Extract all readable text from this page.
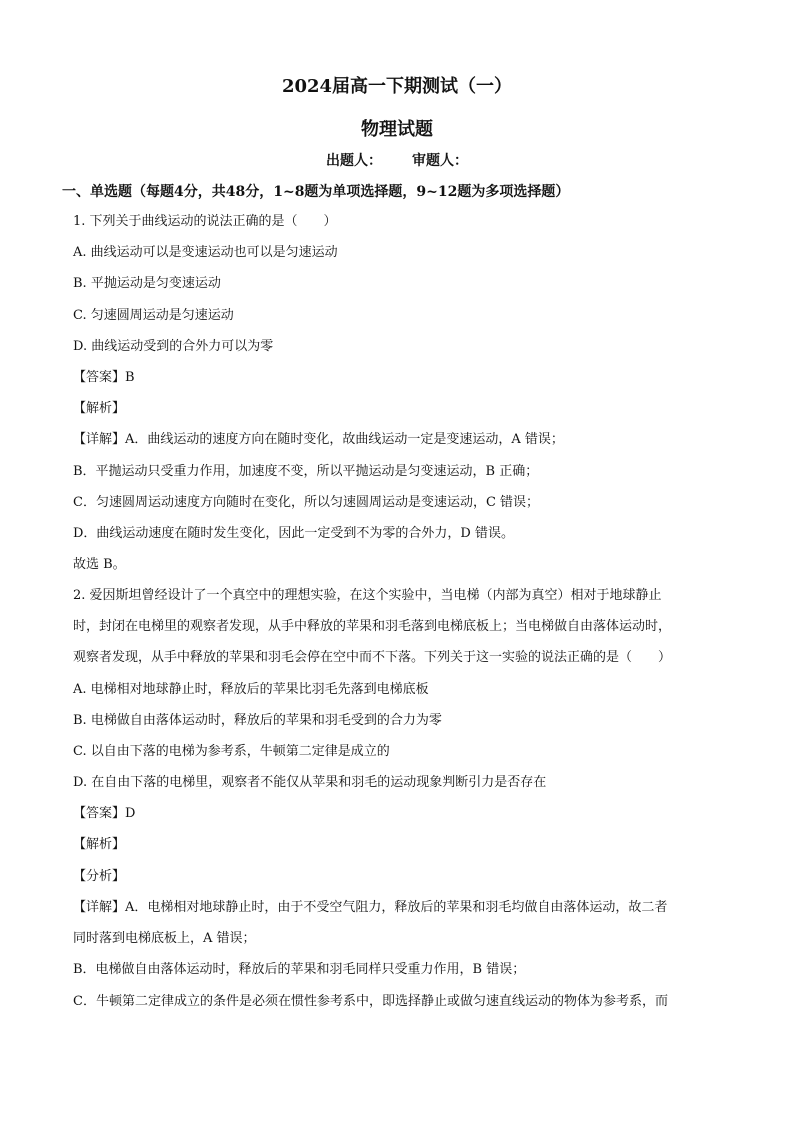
2024届高一下期测试（一）
物理试题
出题人： 审题人：
一、单选题（每题4分，共48分，1~8题为单项选择题，9~12题为多项选择题）
1. 下列关于曲线运动的说法正确的是（　　）
A. 曲线运动可以是变速运动也可以是匀速运动
B. 平抛运动是匀变速运动
C. 匀速圆周运动是匀速运动
D. 曲线运动受到的合外力可以为零
【答案】B
【解析】
【详解】A．曲线运动的速度方向在随时变化，故曲线运动一定是变速运动，A 错误；
B．平抛运动只受重力作用，加速度不变，所以平抛运动是匀变速运动，B 正确；
C．匀速圆周运动速度方向随时在变化，所以匀速圆周运动是变速运动，C 错误；
D．曲线运动速度在随时发生变化，因此一定受到不为零的合外力，D 错误。
故选 B。
2. 爱因斯坦曾经设计了一个真空中的理想实验，在这个实验中，当电梯（内部为真空）相对于地球静止
时，封闭在电梯里的观察者发现，从手中释放的苹果和羽毛落到电梯底板上；当电梯做自由落体运动时，
观察者发现，从手中释放的苹果和羽毛会停在空中而不下落。下列关于这一实验的说法正确的是（　　）
A. 电梯相对地球静止时，释放后的苹果比羽毛先落到电梯底板
B. 电梯做自由落体运动时，释放后的苹果和羽毛受到的合力为零
C. 以自由下落的电梯为参考系，牛顿第二定律是成立的
D. 在自由下落的电梯里，观察者不能仅从苹果和羽毛的运动现象判断引力是否存在
【答案】D
【解析】
【分析】
【详解】A．电梯相对地球静止时，由于不受空气阻力，释放后的苹果和羽毛均做自由落体运动，故二者
同时落到电梯底板上，A 错误；
B．电梯做自由落体运动时，释放后的苹果和羽毛同样只受重力作用，B 错误；
C．牛顿第二定律成立的条件是必须在惯性参考系中，即选择静止或做匀速直线运动的物体为参考系，而
